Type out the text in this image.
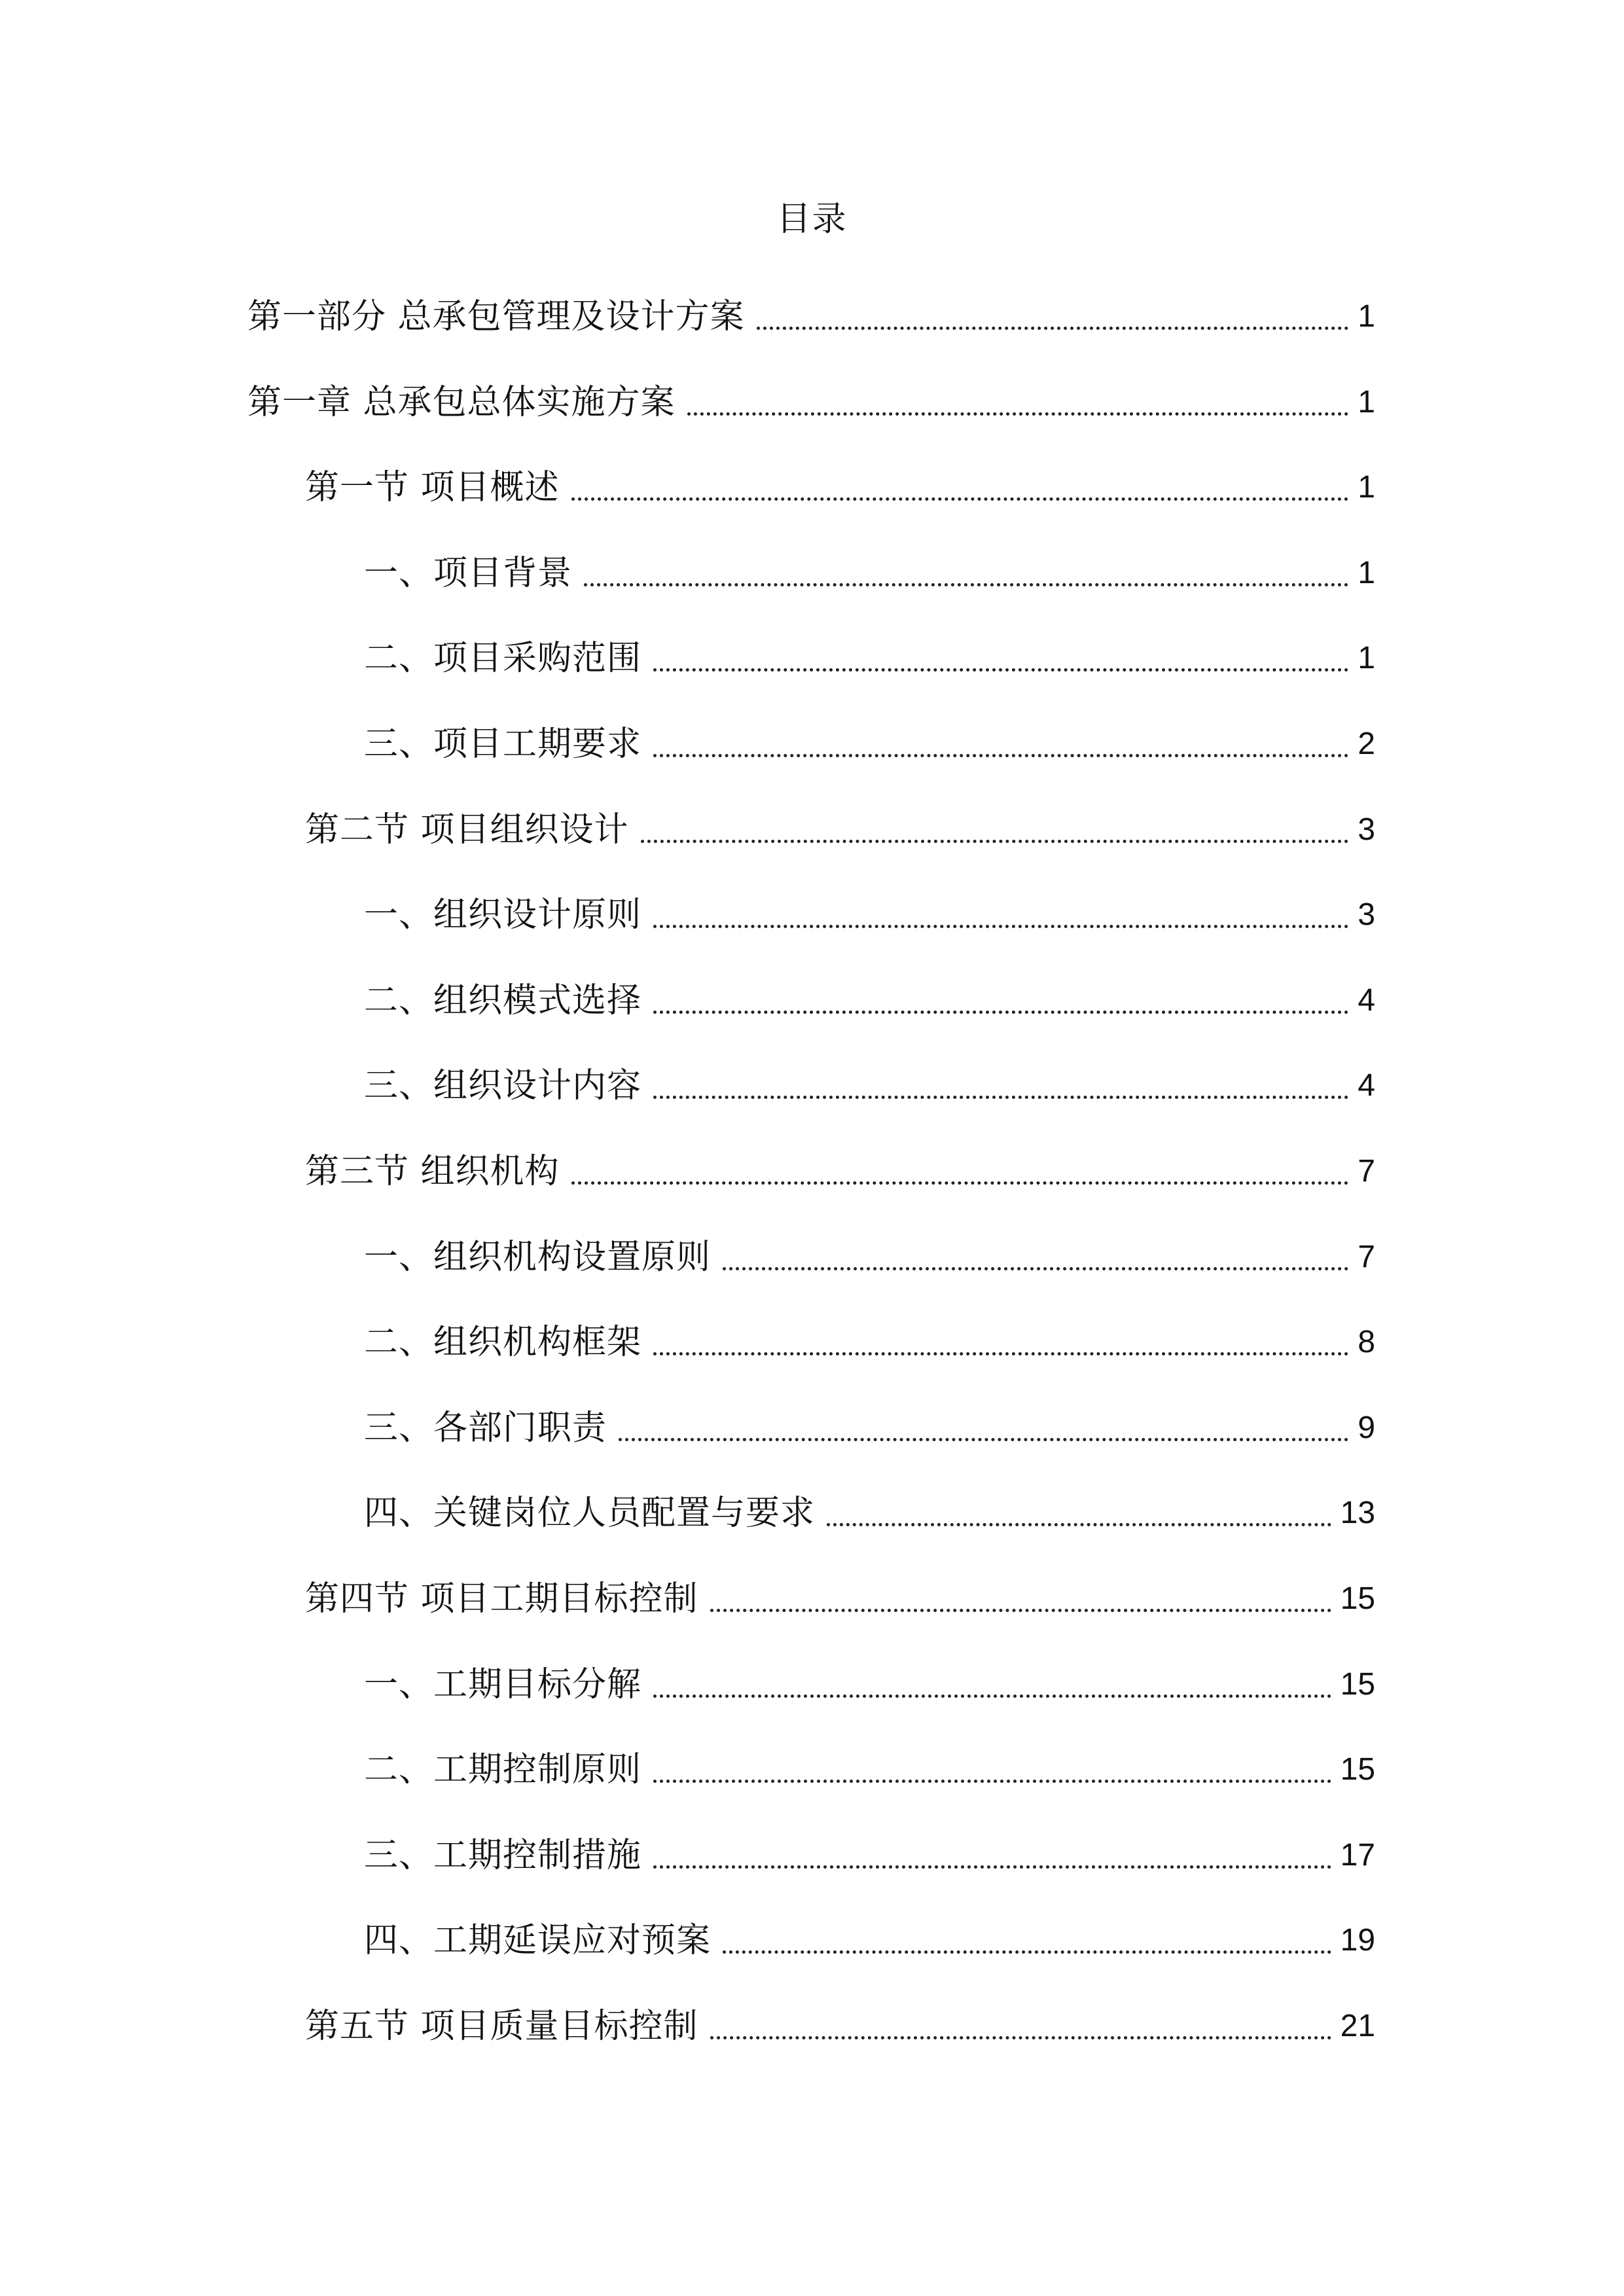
目录
第一部分 总承包管理及设计方案	1
第一章 总承包总体实施方案	1
第一节 项目概述	1
一、项目背景	1
二、项目采购范围	1
三、项目工期要求	2
第二节 项目组织设计	3
一、组织设计原则	3
二、组织模式选择	4
三、组织设计内容	4
第三节 组织机构	7
一、组织机构设置原则	7
二、组织机构框架	8
三、各部门职责	9
四、关键岗位人员配置与要求	13
第四节 项目工期目标控制	15
一、工期目标分解	15
二、工期控制原则	15
三、工期控制措施	17
四、工期延误应对预案	19
第五节 项目质量目标控制	21
